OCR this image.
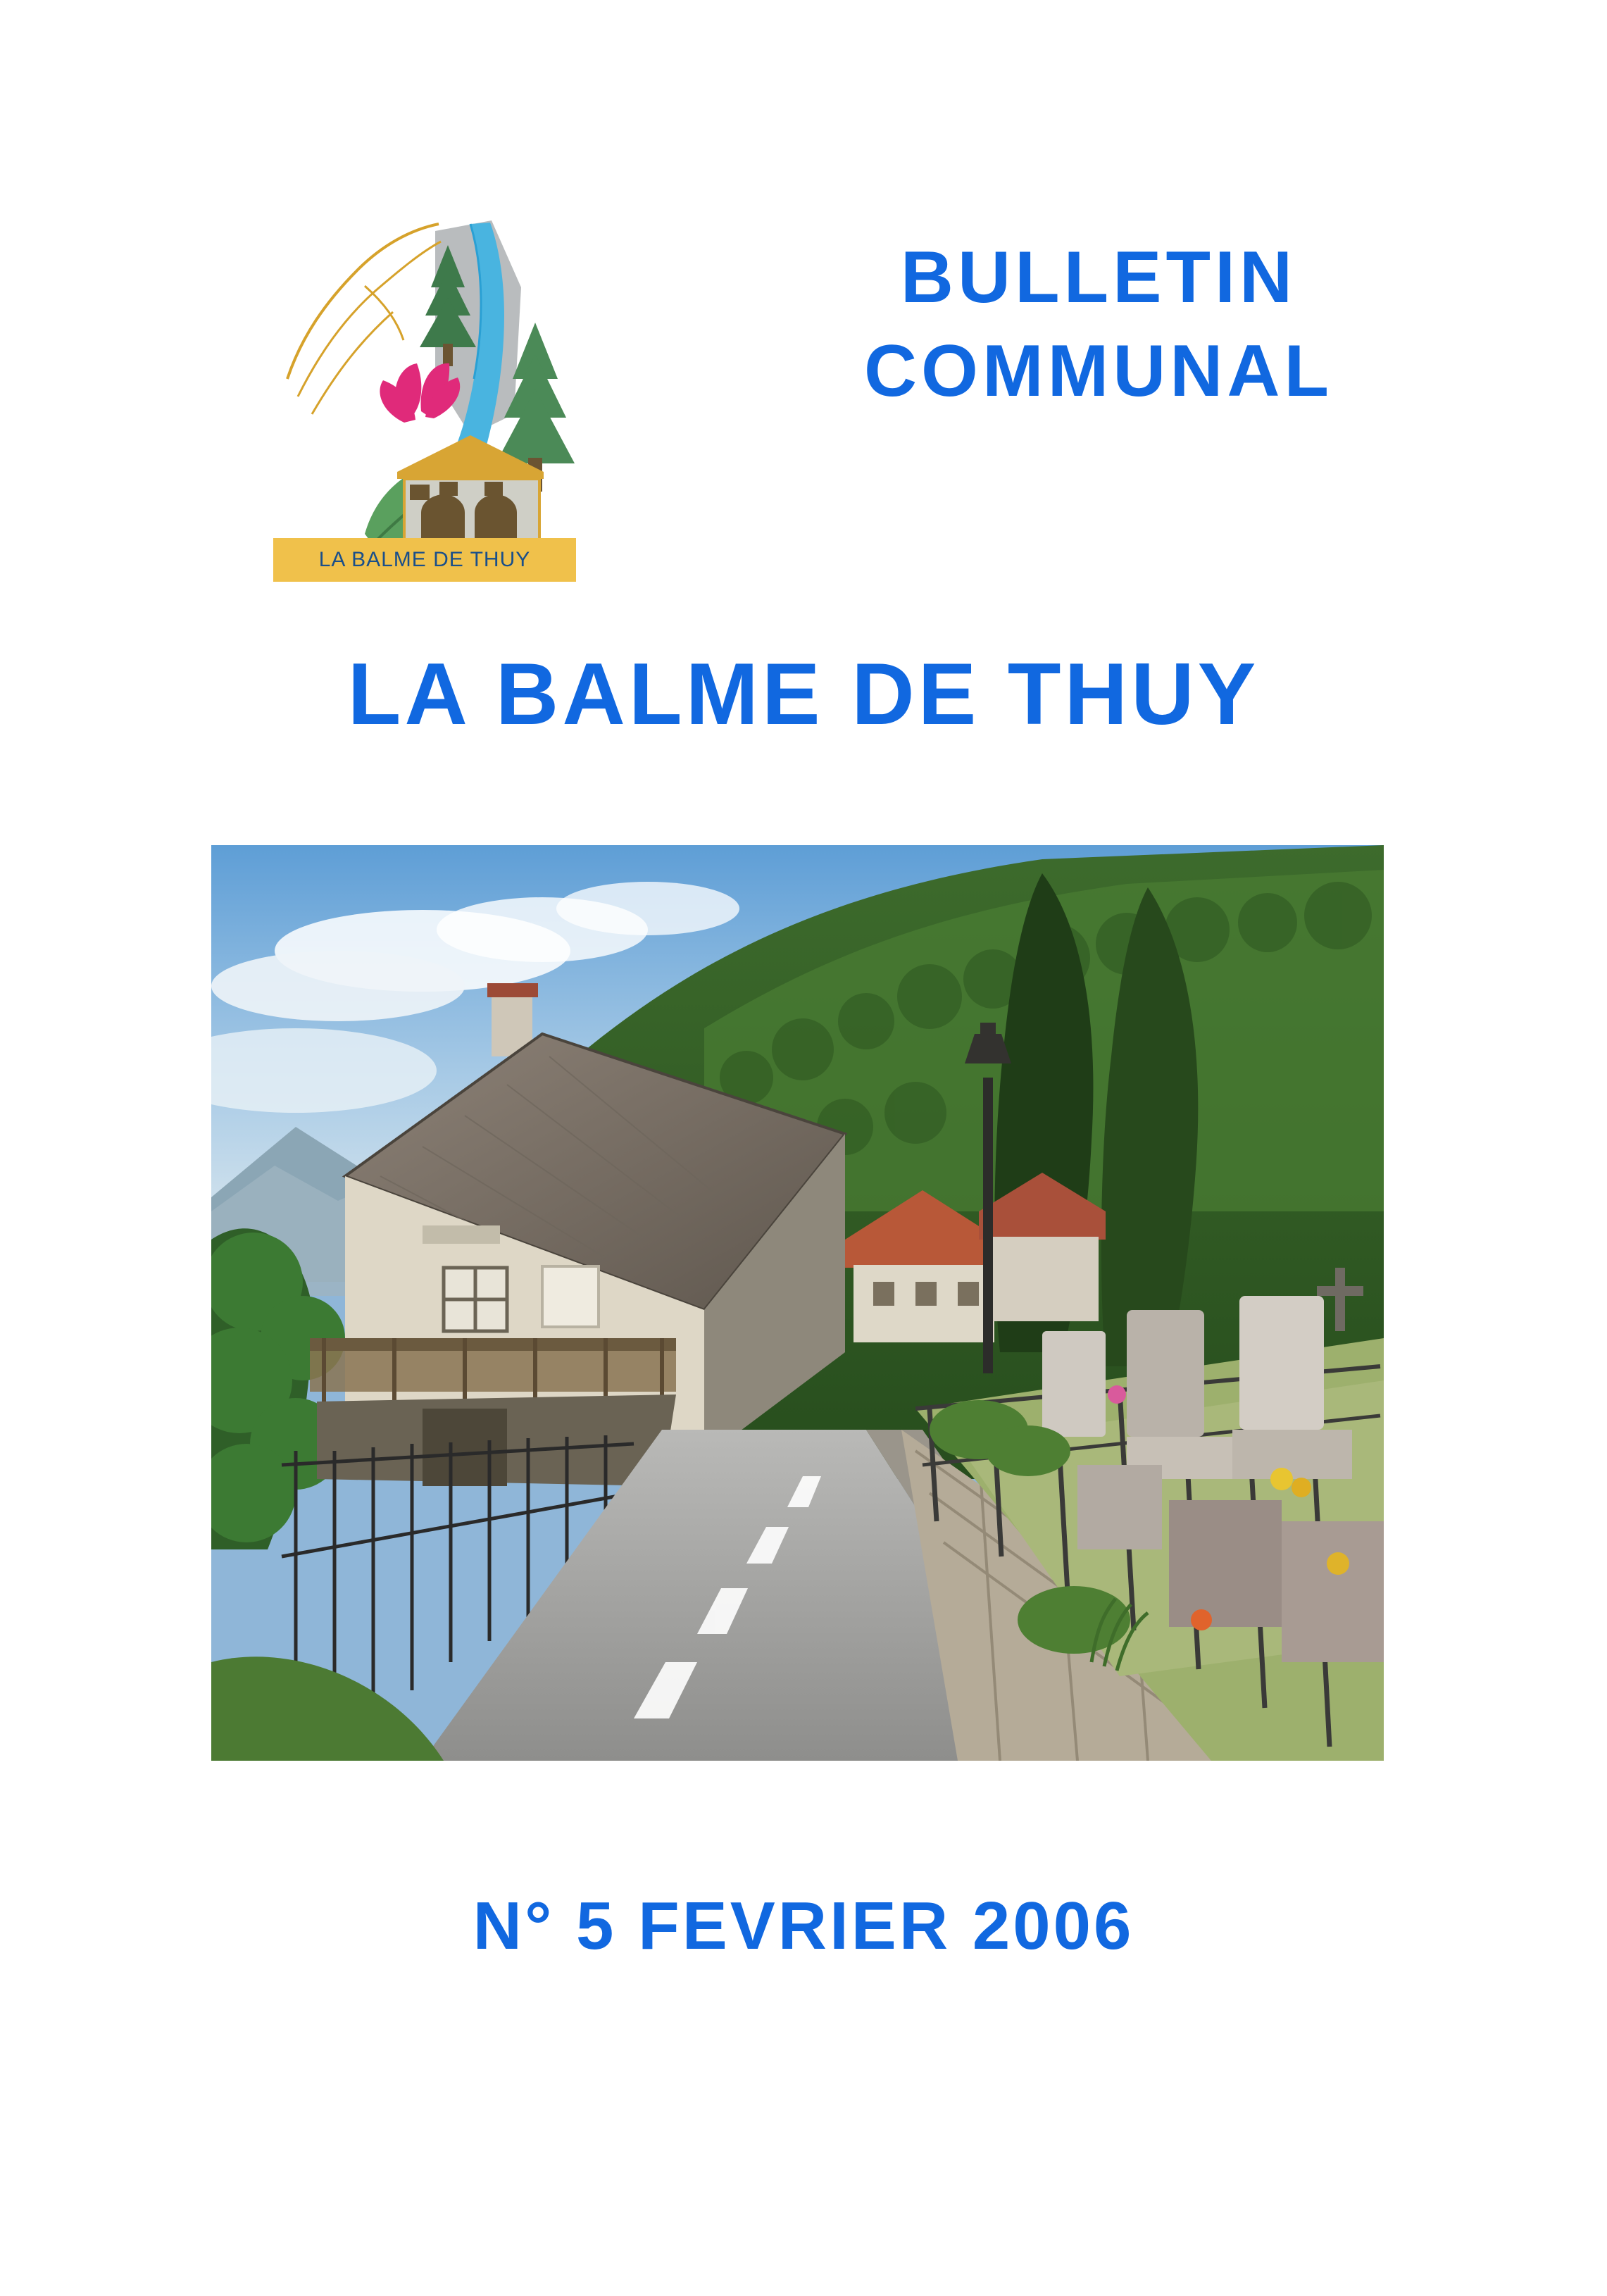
LA BALME DE THUY
BULLETIN
COMMUNAL
LA BALME DE THUY
N° 5 FEVRIER 2006
